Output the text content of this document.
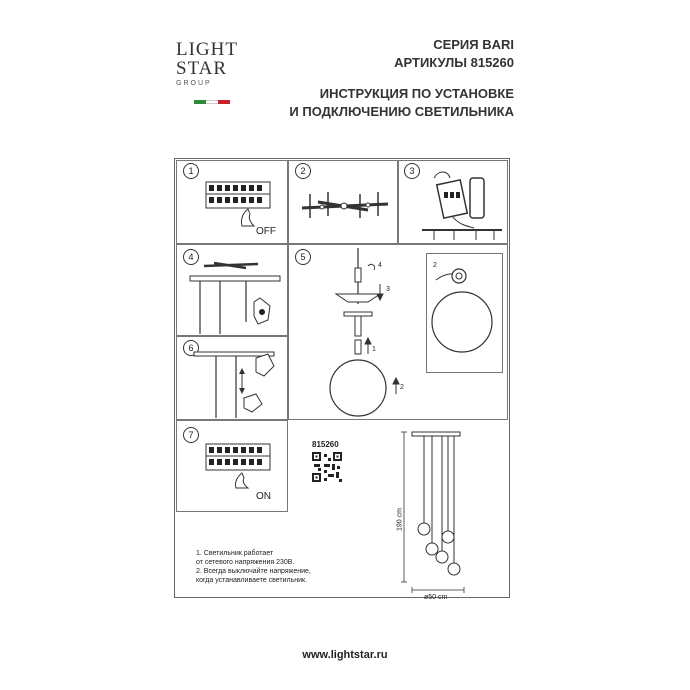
LIGHT
STAR
GROUP
СЕРИЯ BARI
АРТИКУЛЫ 815260
ИНСТРУКЦИЯ ПО УСТАНОВКЕ
И ПОДКЛЮЧЕНИЮ СВЕТИЛЬНИКА
1	2	3
4	5
6
7
OFF
ON
4
3
2
1
2
815260
190 cm
ø50 cm
1. Светильник работает
от сетевого напряжения 230В.
2. Всегда выключайте напряжение,
когда устанавливаете светильник.
www.lightstar.ru
